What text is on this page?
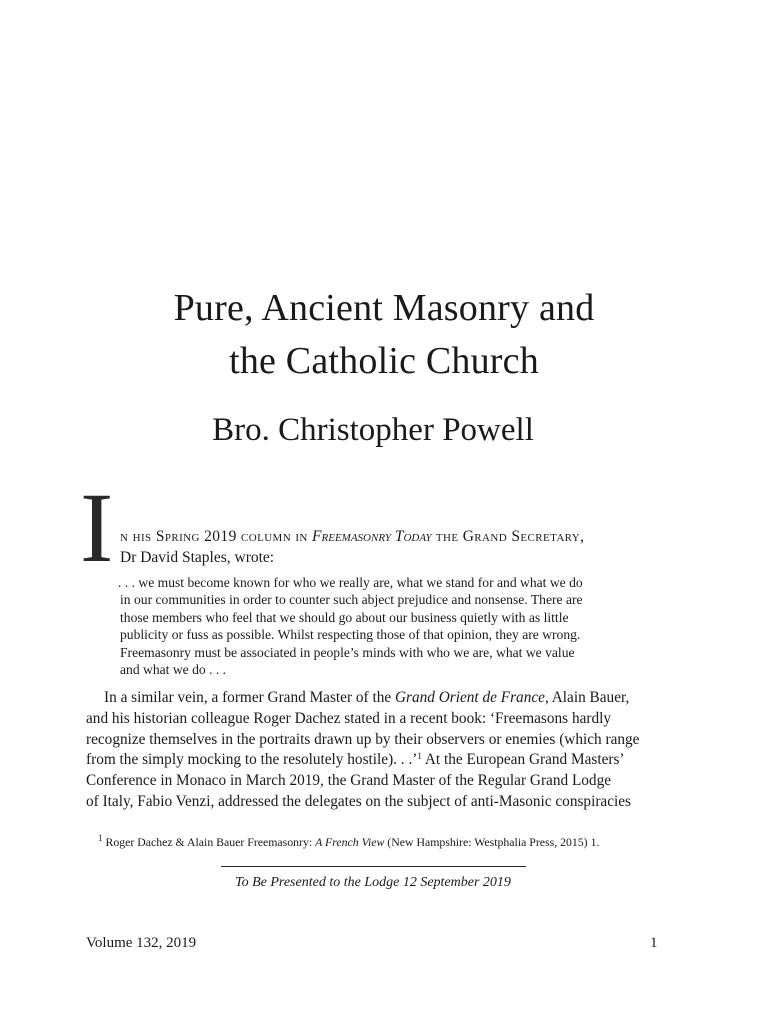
Pure, Ancient Masonry and
the Catholic Church
Bro. Christopher Powell
I n his Spring 2019 column in Freemasonry Today the Grand Secretary,
Dr David Staples, wrote:
. . . we must become known for who we really are, what we stand for and what we do
in our communities in order to counter such abject prejudice and nonsense. There are
those members who feel that we should go about our business quietly with as little
publicity or fuss as possible. Whilst respecting those of that opinion, they are wrong.
Freemasonry must be associated in people’s minds with who we are, what we value
and what we do . . .
In a similar vein, a former Grand Master of the Grand Orient de France, Alain Bauer,
and his historian colleague Roger Dachez stated in a recent book: ‘Freemasons hardly
recognize themselves in the portraits drawn up by their observers or enemies (which range
from the simply mocking to the resolutely hostile). . .’$^1$ At the European Grand Masters’
Conference in Monaco in March 2019, the Grand Master of the Regular Grand Lodge
of Italy, Fabio Venzi, addressed the delegates on the subject of anti-Masonic conspiracies
$^1$ Roger Dachez & Alain Bauer Freemasonry: A French View (New Hampshire: Westphalia Press, 2015) 1.
To Be Presented to the Lodge 12 September 2019
Volume 132, 2019	1
